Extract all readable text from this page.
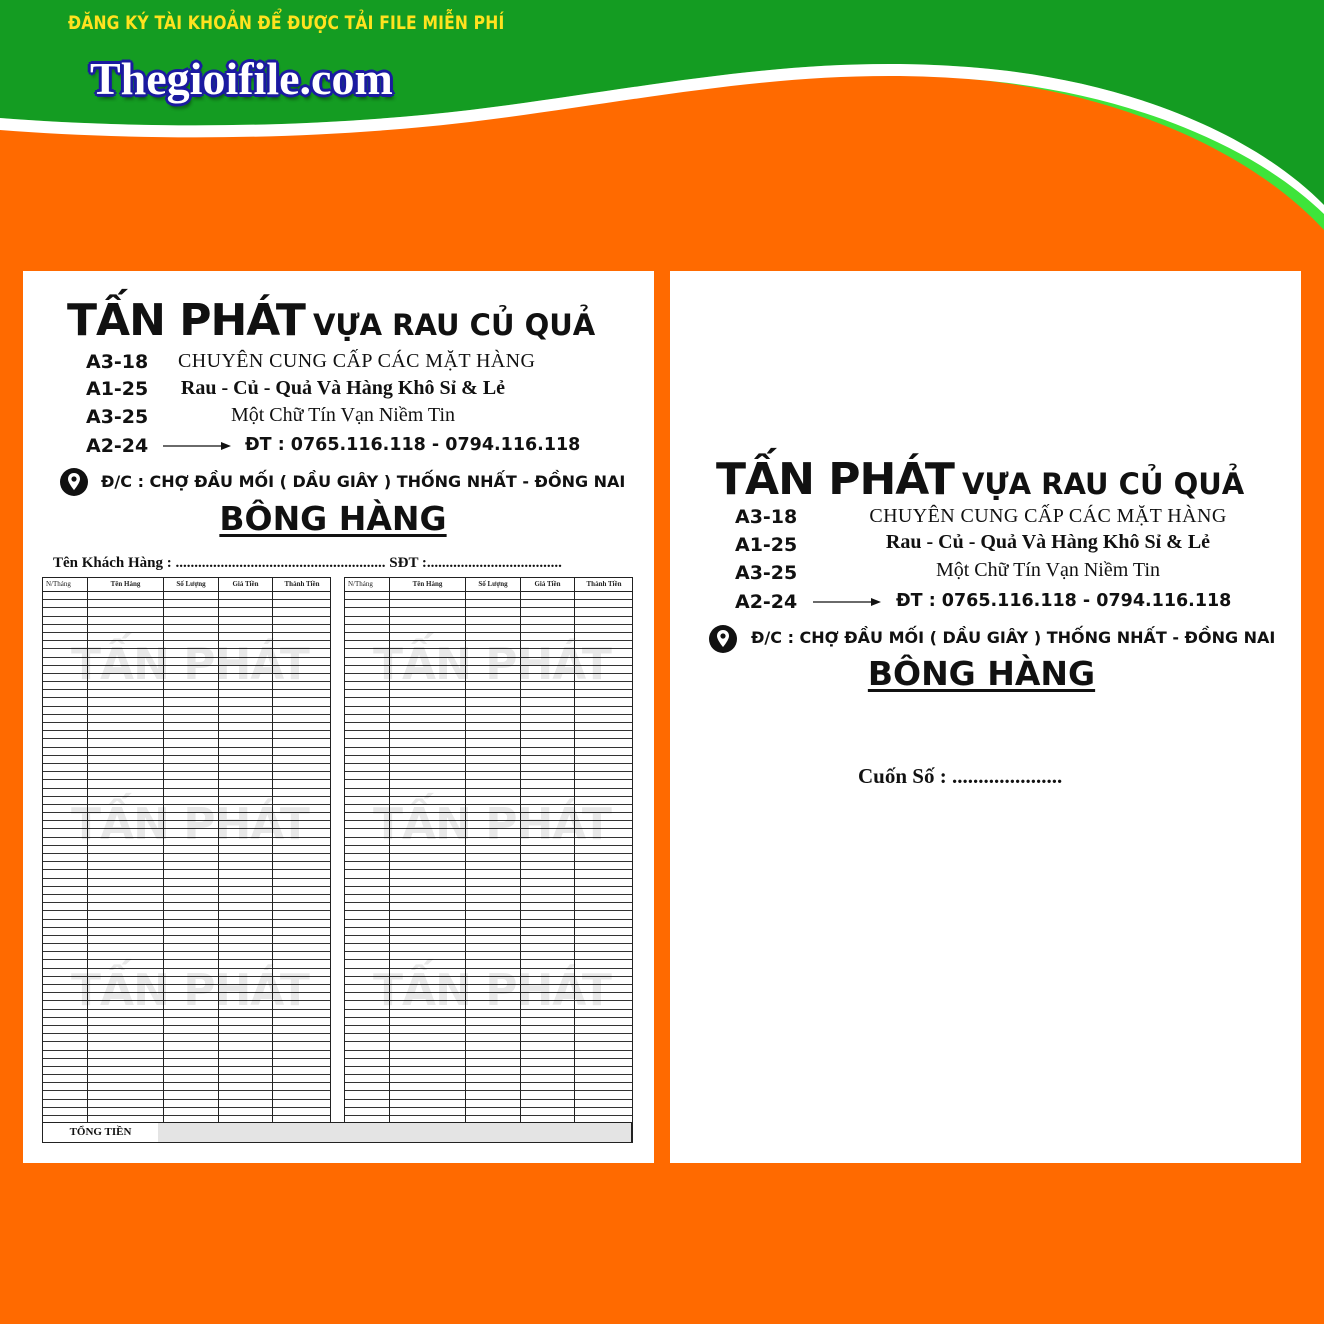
ĐĂNG KÝ TÀI KHOẢN ĐỂ ĐƯỢC TẢI FILE MIỄN PHÍ
Thegioifile.com
TẤN PHÁT VỰA RAU CỦ QUẢ
A3-18
A1-25
A3-25
A2-24
CHUYÊN CUNG CẤP CÁC MẶT HÀNG
Rau - Củ - Quả Và Hàng Khô Sỉ & Lẻ
Một Chữ Tín Vạn Niềm Tin
ĐT : 0765.116.118 - 0794.116.118
Đ/C : CHỢ ĐẦU MỐI ( DẦU GIÂY ) THỐNG NHẤT - ĐỒNG NAI
BÔNG HÀNG
Tên Khách Hàng : ........................................................ SĐT :....................................
N/Tháng	Tên Hàng	Số Lượng	Giá Tiền	Thành Tiền	N/Tháng	Tên Hàng	Số Lượng	Giá Tiền	Thành Tiền
TẤN PHÁT TẤN PHÁT
TẤN PHÁT TẤN PHÁT
TẤN PHÁT TẤN PHÁT
TỔNG TIỀN
TẤN PHÁT VỰA RAU CỦ QUẢ
A3-18
A1-25
A3-25
A2-24
CHUYÊN CUNG CẤP CÁC MẶT HÀNG
Rau - Củ - Quả Và Hàng Khô Sỉ & Lẻ
Một Chữ Tín Vạn Niềm Tin
ĐT : 0765.116.118 - 0794.116.118
Đ/C : CHỢ ĐẦU MỐI ( DẦU GIÂY ) THỐNG NHẤT - ĐỒNG NAI
BÔNG HÀNG
Cuốn Số : .....................
